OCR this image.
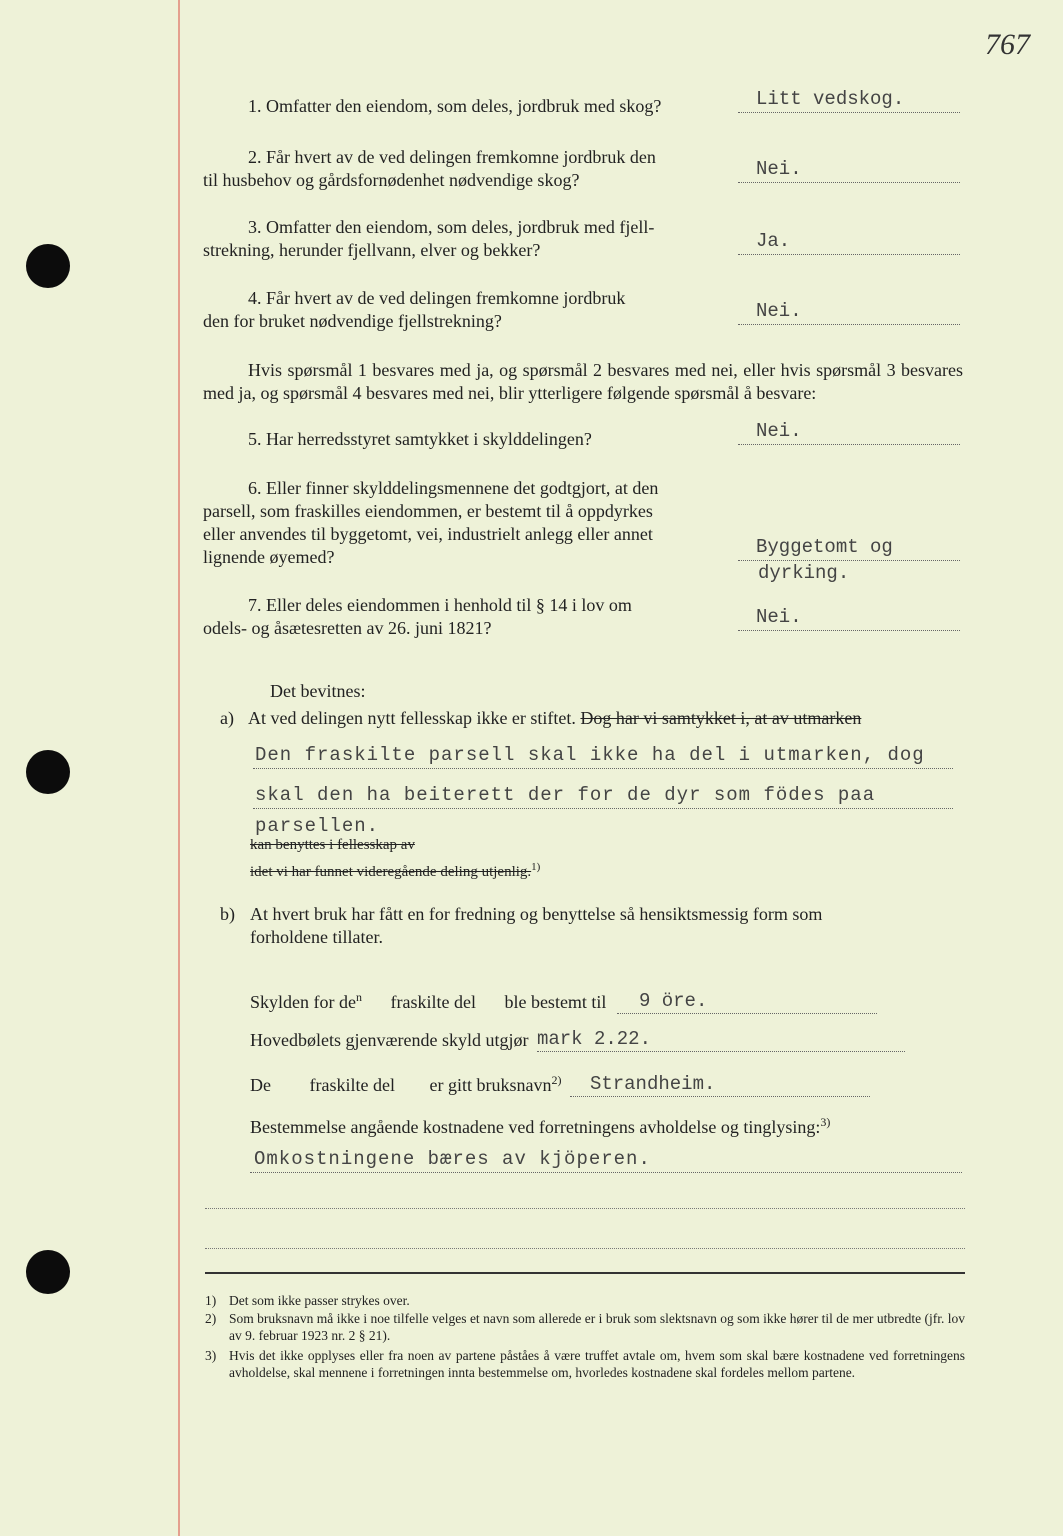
767
1. Omfatter den eiendom, som deles, jordbruk med skog?	Litt vedskog.
2. Får hvert av de ved delingen fremkomne jordbruk den
til husbehov og gårdsfornødenhet nødvendige skog?	Nei.
3. Omfatter den eiendom, som deles, jordbruk med fjell-
strekning, herunder fjellvann, elver og bekker?	Ja.
4. Får hvert av de ved delingen fremkomne jordbruk
den for bruket nødvendige fjellstrekning?	Nei.
Hvis spørsmål 1 besvares med ja, og spørsmål 2 besvares med nei, eller hvis spørsmål 3 besvares med ja, og spørsmål 4 besvares med nei, blir ytterligere følgende spørsmål å besvare:
5. Har herredsstyret samtykket i skylddelingen?	Nei.
6. Eller finner skylddelingsmennene det godtgjort, at den
parsell, som fraskilles eiendommen, er bestemt til å oppdyrkes
eller anvendes til byggetomt, vei, industrielt anlegg eller annet
lignende øyemed?	Byggetomt og
dyrking.
7. Eller deles eiendommen i henhold til § 14 i lov om
odels- og åsætesretten av 26. juni 1821?	Nei.
Det bevitnes:
a) At ved delingen nytt fellesskap ikke er stiftet. Dog har vi samtykket i, at av utmarken
Den fraskilte parsell skal ikke ha del i utmarken, dog
skal den ha beiterett der for de dyr som födes paa
parsellen.
kan benyttes i fellesskap av
idet vi har funnet videregående deling utjenlig.$^{1)}$
b) At hvert bruk har fått en for fredning og benyttelse så hensiktsmessig form som
forholdene tillater.
Skylden for $de^n$ fraskilte del ble bestemt til 9 öre.
Hovedbølets gjenværende skyld utgjør mark 2.22.
De fraskilte del er gitt bruksnavn$^{2)}$ Strandheim.
Bestemmelse angående kostnadene ved forretningens avholdelse og tinglysing:$^{3)}$
Omkostningene bæres av kjöperen.
1) Det som ikke passer strykes over.
2) Som bruksnavn må ikke i noe tilfelle velges et navn som allerede er i bruk som slektsnavn og som ikke hører til de mer utbredte (jfr. lov av 9. februar 1923 nr. 2 § 21).
3) Hvis det ikke opplyses eller fra noen av partene påståes å være truffet avtale om, hvem som skal bære kostnadene ved forretningens avholdelse, skal mennene i forretningen innta bestemmelse om, hvorledes kostnadene skal fordeles mellom partene.
